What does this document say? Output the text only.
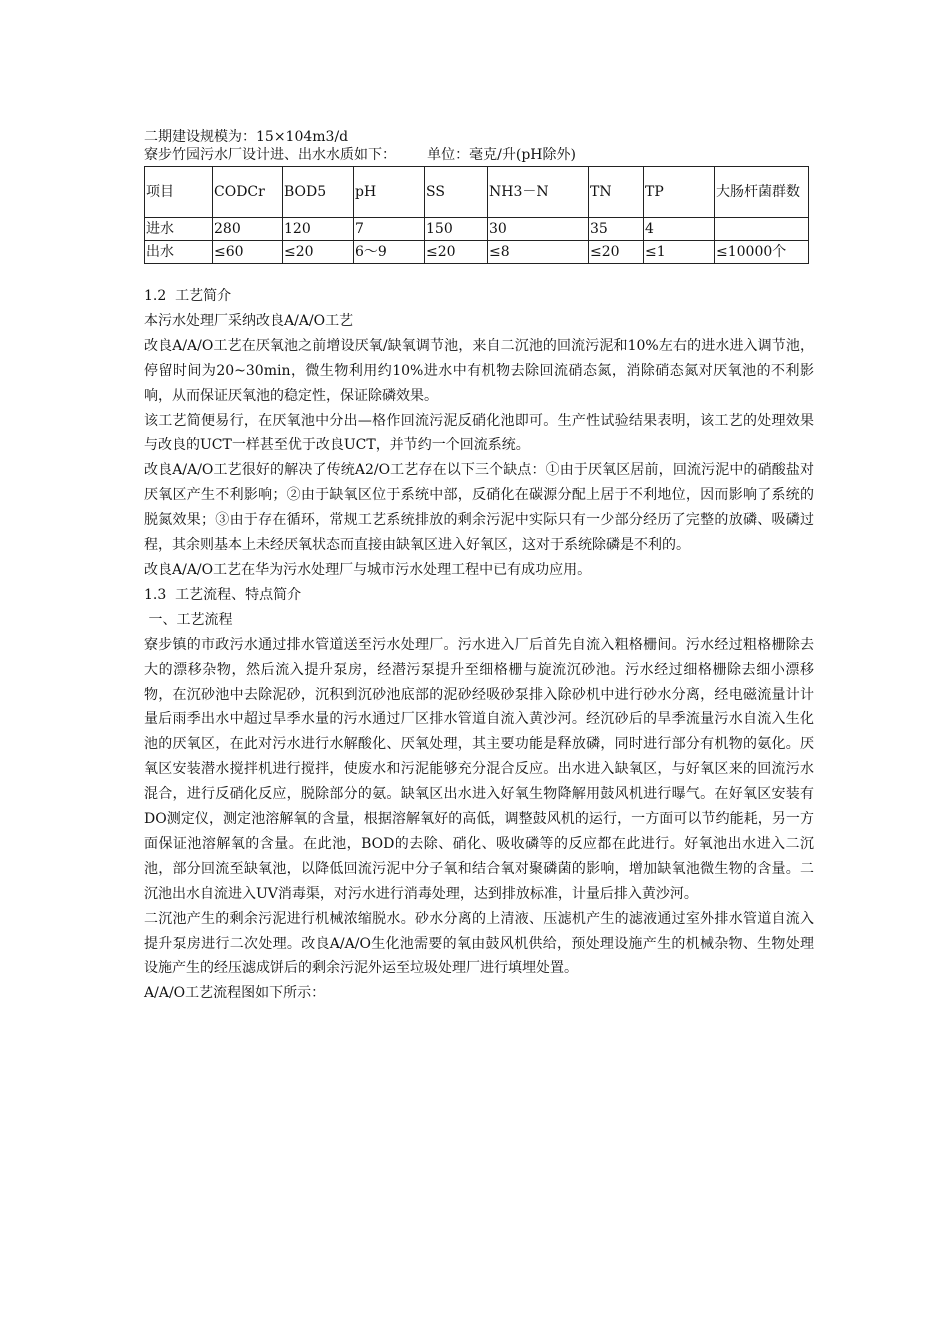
二期建设规模为：15×104m3/d
寮步竹园污水厂设计进、出水水质如下：       单位：毫克/升(pH除外)
项目	CODCr	BOD5	pH	SS	NH3－N	TN	TP	大肠杆菌群数
进水	280	120	7	150	30	35	4	
出水	≤60	≤20	6～9	≤20	≤8	≤20	≤1	≤10000个

1.2  工艺简介

本污水处理厂采纳改良A/A/O工艺

改良A/A/O工艺在厌氧池之前增设厌氧/缺氧调节池，来自二沉池的回流污泥和10%左右的进水进入调节池，停留时间为20~30min，微生物利用约10%进水中有机物去除回流硝态氮，消除硝态氮对厌氧池的不利影响，从而保证厌氧池的稳定性，保证除磷效果。

该工艺简便易行，在厌氧池中分出—格作回流污泥反硝化池即可。生产性试验结果表明，该工艺的处理效果与改良的UCT一样甚至优于改良UCT，并节约一个回流系统。

改良A/A/O工艺很好的解决了传统A2/O工艺存在以下三个缺点：①由于厌氧区居前，回流污泥中的硝酸盐对厌氧区产生不利影响；②由于缺氧区位于系统中部，反硝化在碳源分配上居于不利地位，因而影响了系统的脱氮效果；③由于存在循环，常规工艺系统排放的剩余污泥中实际只有一少部分经历了完整的放磷、吸磷过程，其余则基本上未经厌氧状态而直接由缺氧区进入好氧区，这对于系统除磷是不利的。

改良A/A/O工艺在华为污水处理厂与城市污水处理工程中已有成功应用。

1.3  工艺流程、特点简介

一、工艺流程

寮步镇的市政污水通过排水管道送至污水处理厂。污水进入厂后首先自流入粗格栅间。污水经过粗格栅除去大的漂移杂物，然后流入提升泵房，经潜污泵提升至细格栅与旋流沉砂池。污水经过细格栅除去细小漂移物，在沉砂池中去除泥砂，沉积到沉砂池底部的泥砂经吸砂泵排入除砂机中进行砂水分离，经电磁流量计计量后雨季出水中超过旱季水量的污水通过厂区排水管道自流入黄沙河。经沉砂后的旱季流量污水自流入生化池的厌氧区，在此对污水进行水解酸化、厌氧处理，其主要功能是释放磷，同时进行部分有机物的氨化。厌氧区安装潜水搅拌机进行搅拌，使废水和污泥能够充分混合反应。出水进入缺氧区，与好氧区来的回流污水混合，进行反硝化反应，脱除部分的氨。缺氧区出水进入好氧生物降解用鼓风机进行曝气。在好氧区安装有DO测定仪，测定池溶解氧的含量，根据溶解氧好的高低，调整鼓风机的运行，一方面可以节约能耗，另一方面保证池溶解氧的含量。在此池，BOD的去除、硝化、吸收磷等的反应都在此进行。好氧池出水进入二沉池，部分回流至缺氧池，以降低回流污泥中分子氧和结合氧对聚磷菌的影响，增加缺氧池微生物的含量。二沉池出水自流进入UV消毒渠，对污水进行消毒处理，达到排放标准，计量后排入黄沙河。

二沉池产生的剩余污泥进行机械浓缩脱水。砂水分离的上清液、压滤机产生的滤液通过室外排水管道自流入提升泵房进行二次处理。改良A/A/O生化池需要的氧由鼓风机供给，预处理设施产生的机械杂物、生物处理设施产生的经压滤成饼后的剩余污泥外运至垃圾处理厂进行填埋处置。

A/A/O工艺流程图如下所示：
